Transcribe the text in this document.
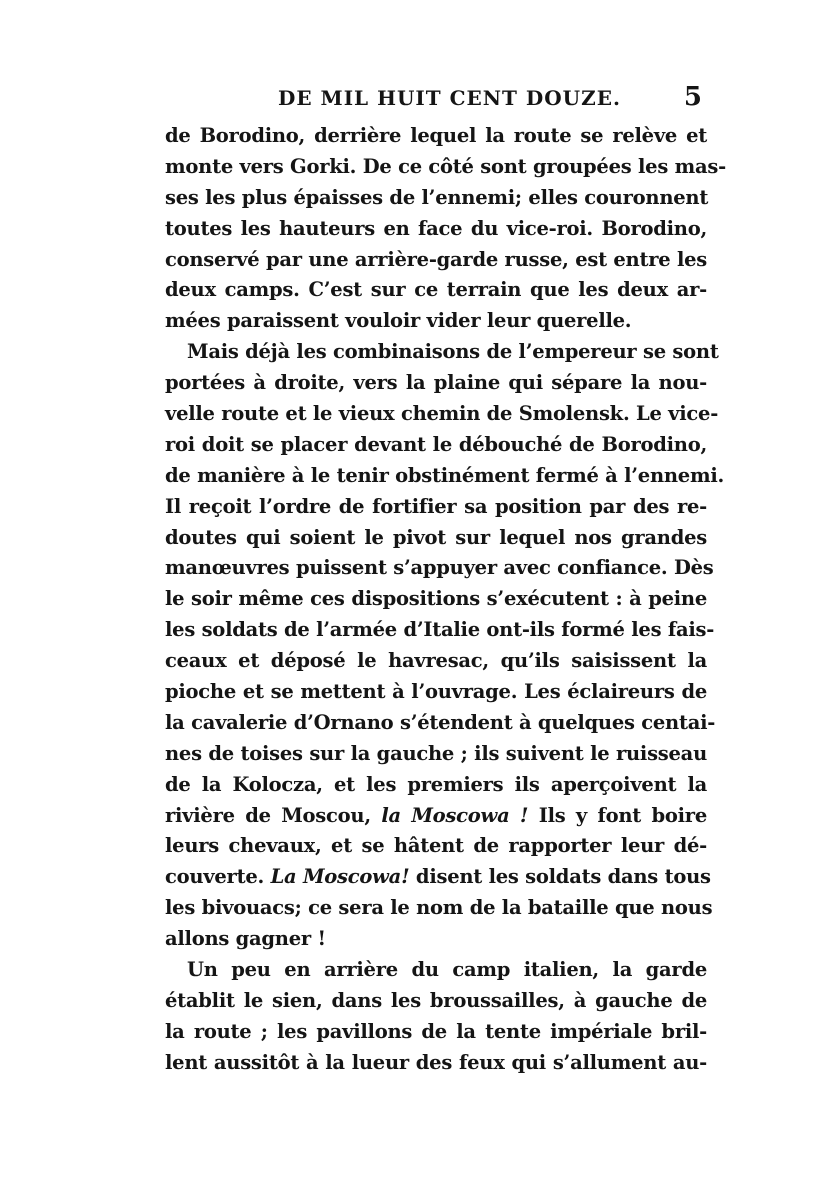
DE MIL HUIT CENT DOUZE. 5
de Borodino, derrière lequel la route se relève et
monte vers Gorki. De ce côté sont groupées les mas-
ses les plus épaisses de l’ennemi; elles couronnent
toutes les hauteurs en face du vice-roi. Borodino,
conservé par une arrière-garde russe, est entre les
deux camps. C’est sur ce terrain que les deux ar-
mées paraissent vouloir vider leur querelle.
Mais déjà les combinaisons de l’empereur se sont
portées à droite, vers la plaine qui sépare la nou-
velle route et le vieux chemin de Smolensk. Le vice-
roi doit se placer devant le débouché de Borodino,
de manière à le tenir obstinément fermé à l’ennemi.
Il reçoit l’ordre de fortifier sa position par des re-
doutes qui soient le pivot sur lequel nos grandes
manœuvres puissent s’appuyer avec confiance. Dès
le soir même ces dispositions s’exécutent : à peine
les soldats de l’armée d’Italie ont-ils formé les fais-
ceaux et déposé le havresac, qu’ils saisissent la
pioche et se mettent à l’ouvrage. Les éclaireurs de
la cavalerie d’Ornano s’étendent à quelques centai-
nes de toises sur la gauche ; ils suivent le ruisseau
de la Kolocza, et les premiers ils aperçoivent la
rivière de Moscou, la Moscowa ! Ils y font boire
leurs chevaux, et se hâtent de rapporter leur dé-
couverte. La Moscowa! disent les soldats dans tous
les bivouacs; ce sera le nom de la bataille que nous
allons gagner !
Un peu en arrière du camp italien, la garde
établit le sien, dans les broussailles, à gauche de
la route ; les pavillons de la tente impériale bril-
lent aussitôt à la lueur des feux qui s’allument au-
